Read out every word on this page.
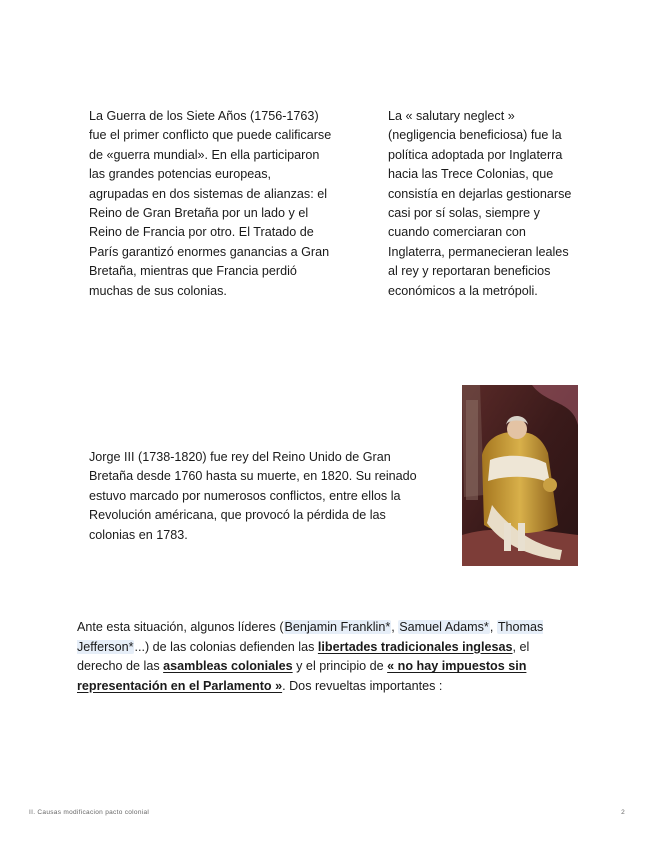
La Guerra de los Siete Años (1756-1763) fue el primer conflicto que puede calificarse de «guerra mundial». En ella participaron las grandes potencias europeas, agrupadas en dos sistemas de alianzas: el Reino de Gran Bretaña por un lado y el Reino de Francia por otro. El Tratado de París garantizó enormes ganancias a Gran Bretaña, mientras que Francia perdió muchas de sus colonias.

La « salutary neglect » (negligencia beneficiosa) fue la política adoptada por Inglaterra hacia las Trece Colonias, que consistía en dejarlas gestionarse casi por sí solas, siempre y cuando comerciaran con Inglaterra, permanecieran leales al rey y reportaran beneficios económicos a la metrópoli.

Jorge III (1738-1820) fue rey del Reino Unido de Gran Bretaña desde 1760 hasta su muerte, en 1820. Su reinado estuvo marcado por numerosos conflictos, entre ellos la Revolución américana, que provocó la pérdida de las colonias en 1783.

Ante esta situación, algunos líderes (Benjamin Franklin*, Samuel Adams*, Thomas Jefferson*...) de las colonias defienden las libertades tradicionales inglesas, el derecho de las asambleas coloniales y el principio de « no hay impuestos sin representación en el Parlamento ». Dos revueltas importantes :

II. Causas modificacion pacto colonial	2
